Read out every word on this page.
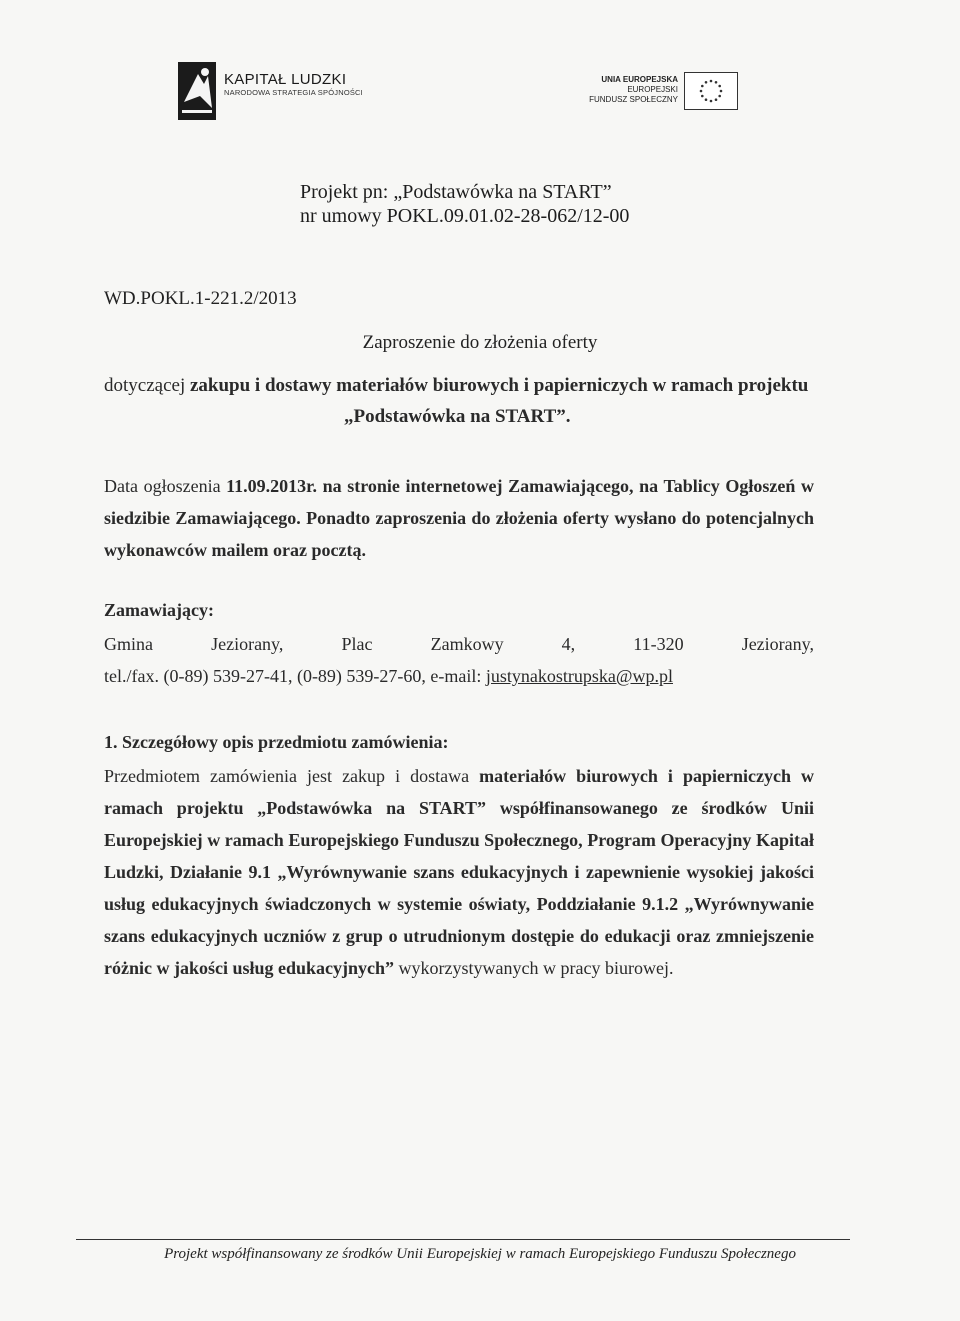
KAPITAŁ LUDZKI
NARODOWA STRATEGIA SPÓJNOŚCI
UNIA EUROPEJSKA
EUROPEJSKI
FUNDUSZ SPOŁECZNY
Projekt pn: „Podstawówka na START”
nr umowy POKL.09.01.02-28-062/12-00
WD.POKL.1-221.2/2013
Zaproszenie do złożenia oferty
dotyczącej zakupu i dostawy materiałów biurowych i papierniczych w ramach projektu
„Podstawówka na START”.
Data ogłoszenia 11.09.2013r. na stronie internetowej Zamawiającego, na Tablicy Ogłoszeń w siedzibie Zamawiającego. Ponadto zaproszenia do złożenia oferty wysłano do potencjalnych wykonawców mailem oraz pocztą.
Zamawiający:
Gmina	Jeziorany,	Plac	Zamkowy	4,	11-320	Jeziorany,
tel./fax. (0-89) 539-27-41, (0-89) 539-27-60, e-mail: justynakostrupska@wp.pl
1. Szczegółowy opis przedmiotu zamówienia:
Przedmiotem zamówienia jest zakup i dostawa materiałów biurowych i papierniczych w ramach projektu „Podstawówka na START” współfinansowanego ze środków Unii Europejskiej w ramach Europejskiego Funduszu Społecznego, Program Operacyjny Kapitał Ludzki, Działanie 9.1 „Wyrównywanie szans edukacyjnych i zapewnienie wysokiej jakości usług edukacyjnych świadczonych w systemie oświaty, Poddziałanie 9.1.2 „Wyrównywanie szans edukacyjnych uczniów z grup o utrudnionym dostępie do edukacji oraz zmniejszenie różnic w jakości usług edukacyjnych” wykorzystywanych w pracy biurowej.
Projekt współfinansowany ze środków Unii Europejskiej w ramach Europejskiego Funduszu Społecznego
